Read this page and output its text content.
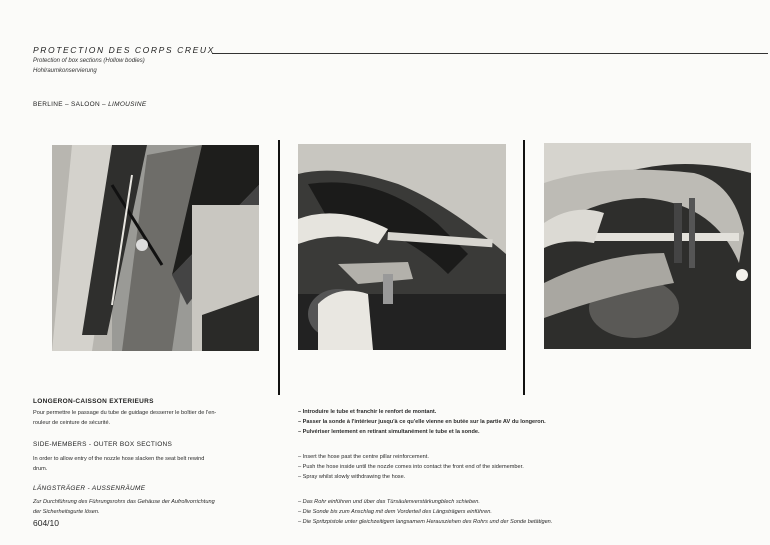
PROTECTION DES CORPS CREUX
Protection of box sections (Hollow bodies)
Hohlraumkonservierung
BERLINE – SALOON – LIMOUSINE
LONGERON-CAISSON EXTERIEURS
Pour permettre le passage du tube de guidage desserrer le boîtier de l'en-
rouleur de ceinture de sécurité.
SIDE-MEMBERS - OUTER BOX SECTIONS
In order to allow entry of the nozzle hose slacken the seat belt rewind
drum.
LÄNGSTRÄGER - AUSSENRÄUME
Zur Durchführung des Führungsrohrs das Gehäuse der Aufrollvorrichtung
der Sicherheitsgurte lösen.
– Introduire le tube et franchir le renfort de montant.
– Passer la sonde à l'intérieur jusqu'à ce qu'elle vienne en butée sur la partie AV du longeron.
– Pulvériser lentement en retirant simultanément le tube et la sonde.
– Insert the hose past the centre pillar reinforcement.
– Push the hose inside until the nozzle comes into contact the front end of the sidemember.
– Spray whilst slowly withdrawing the hose.
– Das Rohr einführen und über das Türsäulenverstärkungblech schieben.
– Die Sonde bis zum Anschlag mit dem Vorderteil des Längsträgers einführen.
– Die Spritzpistole unter gleichzeitigem langsamem Herausziehen des Rohrs und der Sonde betätigen.
604/10
